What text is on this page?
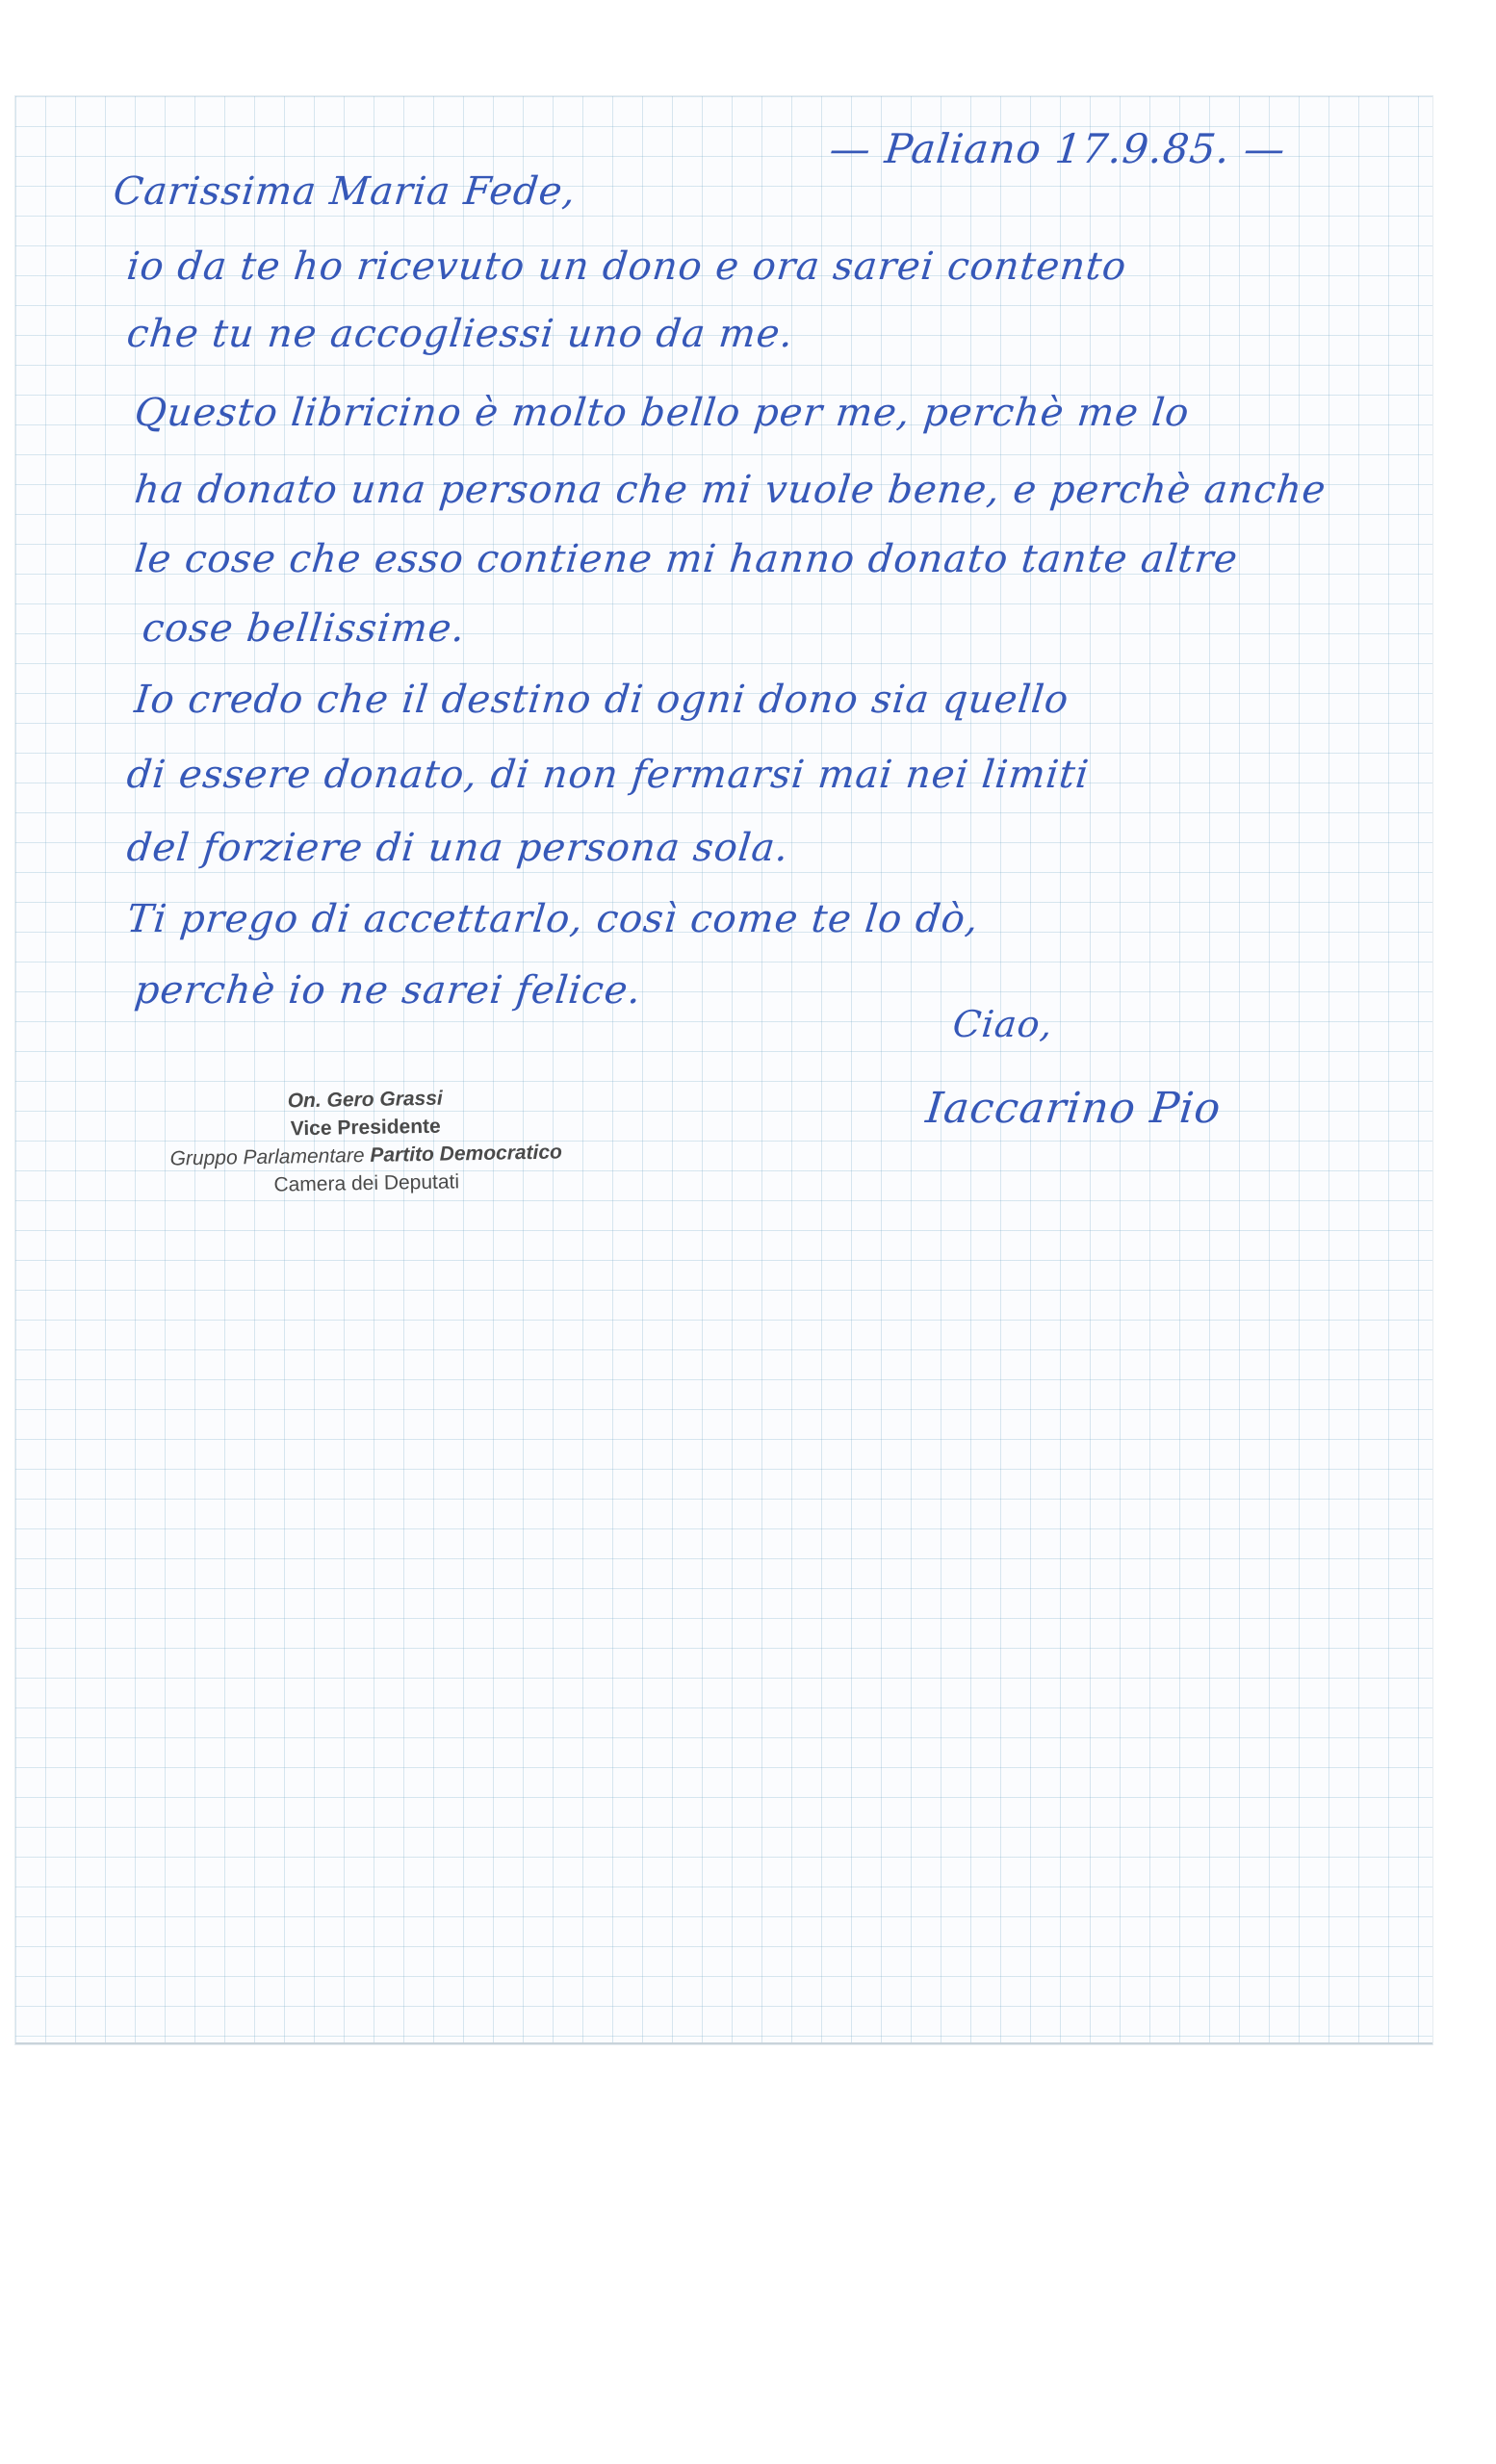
— Paliano 17.9.85. —

Carissima Maria Fede,

io da te ho ricevuto un dono e ora sarei contento

che tu ne accogliessi uno da me.

Questo libricino è molto bello per me, perchè me lo

ha donato una persona che mi vuole bene, e perchè anche

le cose che esso contiene mi hanno donato tante altre

cose bellissime.

Io credo che il destino di ogni dono sia quello

di essere donato, di non fermarsi mai nei limiti

del forziere di una persona sola.

Ti prego di accettarlo, così come te lo dò,

perchè io ne sarei felice.

Ciao,

Iaccarino Pio

On. Gero Grassi
Vice Presidente
Gruppo Parlamentare Partito Democratico
Camera dei Deputati
